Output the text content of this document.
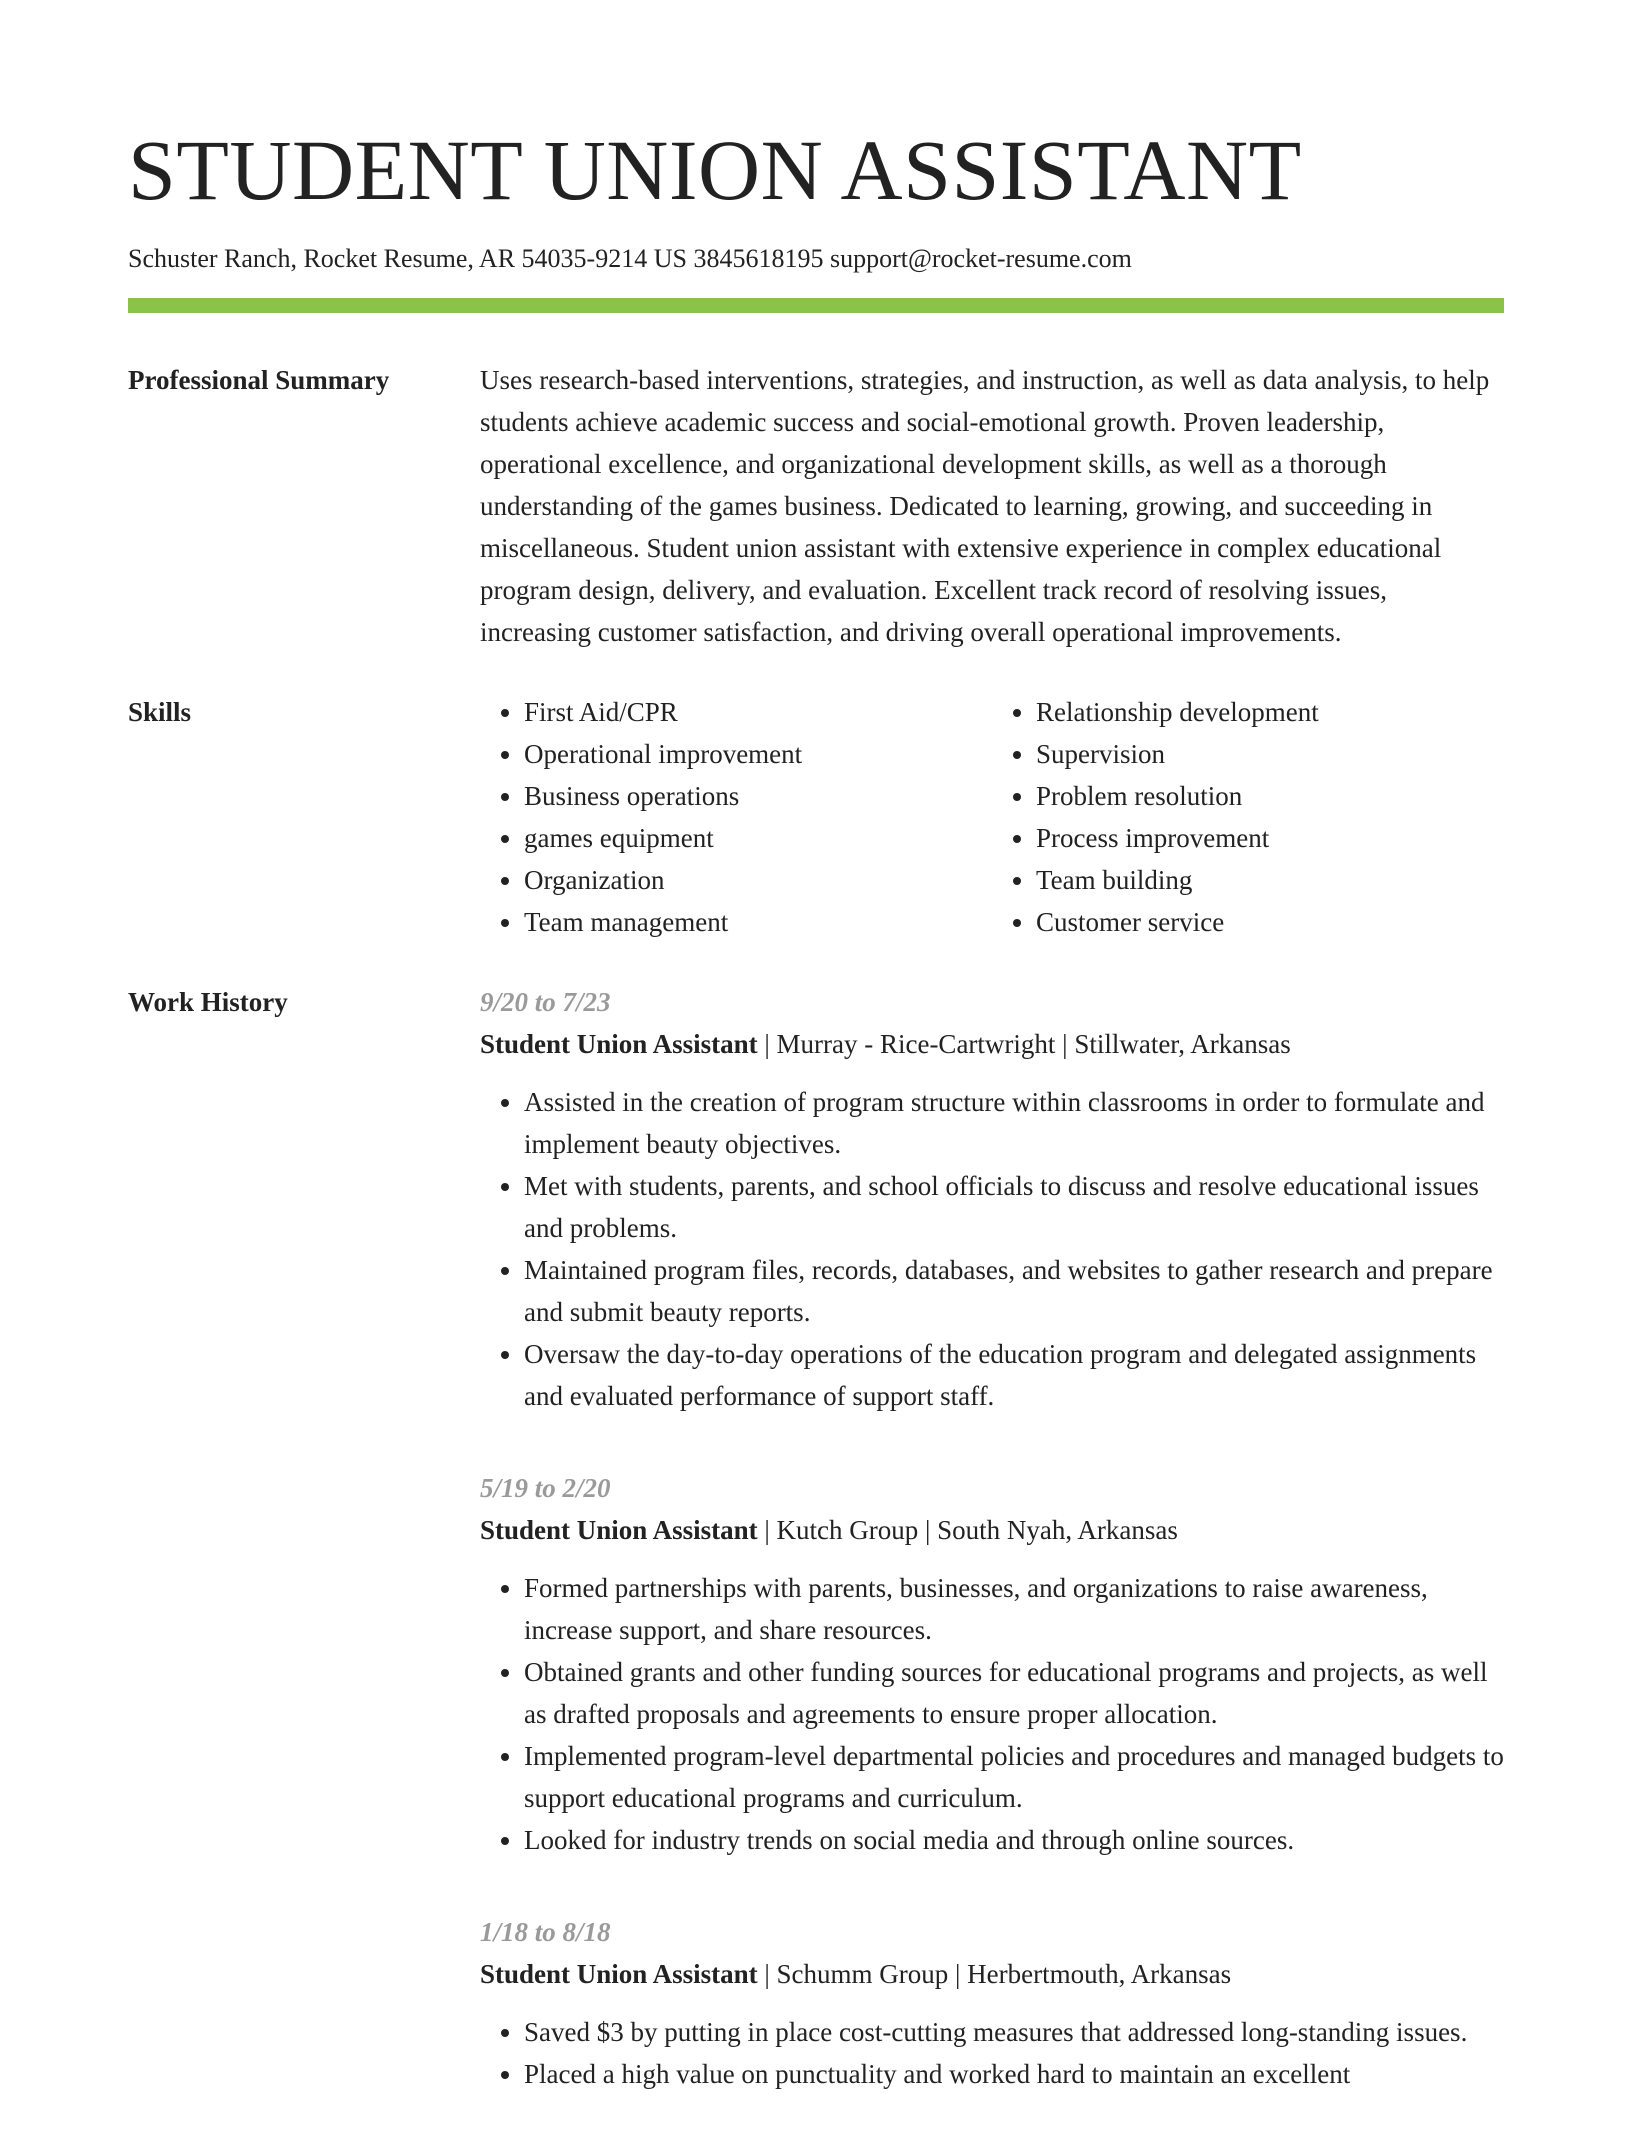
STUDENT UNION ASSISTANT
Schuster Ranch, Rocket Resume, AR 54035-9214 US 3845618195 support@rocket-resume.com
Professional Summary	Uses research-based interventions, strategies, and instruction, as well as data analysis, to help students achieve academic success and social-emotional growth. Proven leadership, operational excellence, and organizational development skills, as well as a thorough understanding of the games business. Dedicated to learning, growing, and succeeding in miscellaneous. Student union assistant with extensive experience in complex educational program design, delivery, and evaluation. Excellent track record of resolving issues, increasing customer satisfaction, and driving overall operational improvements.

Skills
•	First Aid/CPR
• Operational improvement
• Business operations
• games equipment
• Organization
• Team management
• Relationship development
• Supervision
• Problem resolution
• Process improvement
• Team building
• Customer service
Work History	9/20 to 7/23
Student Union Assistant | Murray - Rice-Cartwright | Stillwater, Arkansas
• Assisted in the creation of program structure within classrooms in order to formulate and implement beauty objectives.
• Met with students, parents, and school officials to discuss and resolve educational issues and problems.
• Maintained program files, records, databases, and websites to gather research and prepare and submit beauty reports.
• Oversaw the day-to-day operations of the education program and delegated assignments and evaluated performance of support staff.
5/19 to 2/20
Student Union Assistant | Kutch Group | South Nyah, Arkansas
• Formed partnerships with parents, businesses, and organizations to raise awareness, increase support, and share resources.
• Obtained grants and other funding sources for educational programs and projects, as well as drafted proposals and agreements to ensure proper allocation.
• Implemented program-level departmental policies and procedures and managed budgets to support educational programs and curriculum.
• Looked for industry trends on social media and through online sources.
1/18 to 8/18
Student Union Assistant | Schumm Group | Herbertmouth, Arkansas
• Saved $3 by putting in place cost-cutting measures that addressed long-standing issues.
• Placed a high value on punctuality and worked hard to maintain an excellent
